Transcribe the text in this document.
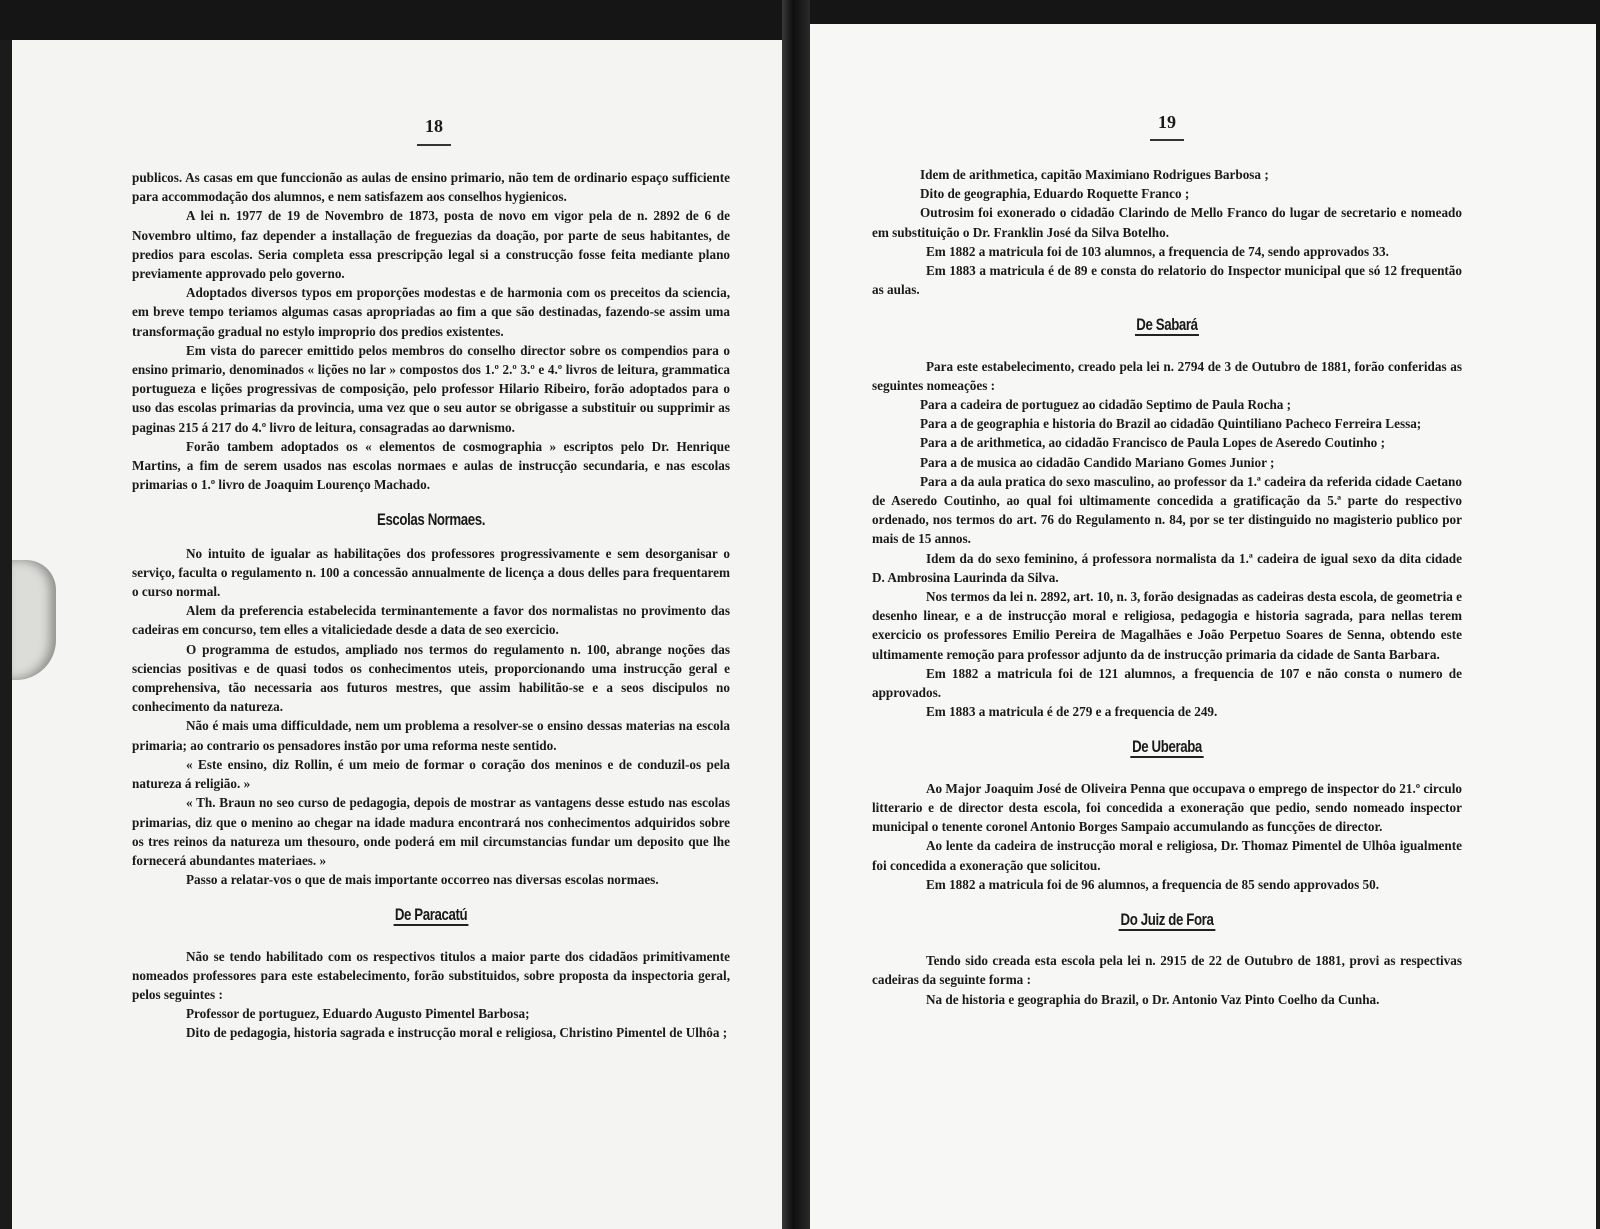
18

publicos. As casas em que funccionão as aulas de ensino primario, não tem de ordinario espaço sufficiente para accommodação dos alumnos, e nem satisfazem aos conselhos hygienicos.

A lei n. 1977 de 19 de Novembro de 1873, posta de novo em vigor pela de n. 2892 de 6 de Novembro ultimo, faz depender a installação de freguezias da doação, por parte de seus habitantes, de predios para escolas. Seria completa essa prescripção legal si a construcção fosse feita mediante plano previamente approvado pelo governo.

Adoptados diversos typos em proporções modestas e de harmonia com os preceitos da sciencia, em breve tempo teriamos algumas casas apropriadas ao fim a que são destinadas, fazendo-se assim uma transformação gradual no estylo improprio dos predios existentes.

Em vista do parecer emittido pelos membros do conselho director sobre os compendios para o ensino primario, denominados « lições no lar » compostos dos 1.º 2.º 3.º e 4.º livros de leitura, grammatica portugueza e lições progressivas de composição, pelo professor Hilario Ribeiro, forão adoptados para o uso das escolas primarias da provincia, uma vez que o seu autor se obrigasse a substituir ou supprimir as paginas 215 á 217 do 4.º livro de leitura, consagradas ao darwnismo.

Forão tambem adoptados os « elementos de cosmographia » escriptos pelo Dr. Henrique Martins, a fim de serem usados nas escolas normaes e aulas de instrucção secundaria, e nas escolas primarias o 1.º livro de Joaquim Lourenço Machado.

Escolas Normaes.

No intuito de igualar as habilitações dos professores progressivamente e sem desorganisar o serviço, faculta o regulamento n. 100 a concessão annualmente de licença a dous delles para frequentarem o curso normal.

Alem da preferencia estabelecida terminantemente a favor dos normalistas no provimento das cadeiras em concurso, tem elles a vitaliciedade desde a data de seo exercicio.

O programma de estudos, ampliado nos termos do regulamento n. 100, abrange noções das sciencias positivas e de quasi todos os conhecimentos uteis, proporcionando uma instrucção geral e comprehensiva, tão necessaria aos futuros mestres, que assim habilitão-se e a seos discipulos no conhecimento da natureza.

Não é mais uma difficuldade, nem um problema a resolver-se o ensino dessas materias na escola primaria; ao contrario os pensadores instão por uma reforma neste sentido.

« Este ensino, diz Rollin, é um meio de formar o coração dos meninos e de conduzil-os pela natureza á religião. »

« Th. Braun no seo curso de pedagogia, depois de mostrar as vantagens desse estudo nas escolas primarias, diz que o menino ao chegar na idade madura encontrará nos conhecimentos adquiridos sobre os tres reinos da natureza um thesouro, onde poderá em mil circumstancias fundar um deposito que lhe fornecerá abundantes materiaes. »

Passo a relatar-vos o que de mais importante occorreo nas diversas escolas normaes.

De Paracatú

Não se tendo habilitado com os respectivos titulos a maior parte dos cidadãos primitivamente nomeados professores para este estabelecimento, forão substituidos, sobre proposta da inspectoria geral, pelos seguintes :

Professor de portuguez, Eduardo Augusto Pimentel Barbosa;

Dito de pedagogia, historia sagrada e instrucção moral e religiosa, Christino Pimentel de Ulhôa ;

19

Idem de arithmetica, capitão Maximiano Rodrigues Barbosa ;

Dito de geographia, Eduardo Roquette Franco ;

Outrosim foi exonerado o cidadão Clarindo de Mello Franco do lugar de secretario e nomeado em substituição o Dr. Franklin José da Silva Botelho.

Em 1882 a matricula foi de 103 alumnos, a frequencia de 74, sendo approvados 33.

Em 1883 a matricula é de 89 e consta do relatorio do Inspector municipal que só 12 frequentão as aulas.

De Sabará

Para este estabelecimento, creado pela lei n. 2794 de 3 de Outubro de 1881, forão conferidas as seguintes nomeações :

Para a cadeira de portuguez ao cidadão Septimo de Paula Rocha ;

Para a de geographia e historia do Brazil ao cidadão Quintiliano Pacheco Ferreira Lessa;

Para a de arithmetica, ao cidadão Francisco de Paula Lopes de Aseredo Coutinho ;

Para a de musica ao cidadão Candido Mariano Gomes Junior ;

Para a da aula pratica do sexo masculino, ao professor da 1.ª cadeira da referida cidade Caetano de Aseredo Coutinho, ao qual foi ultimamente concedida a gratificação da 5.ª parte do respectivo ordenado, nos termos do art. 76 do Regulamento n. 84, por se ter distinguido no magisterio publico por mais de 15 annos.

Idem da do sexo feminino, á professora normalista da 1.ª cadeira de igual sexo da dita cidade D. Ambrosina Laurinda da Silva.

Nos termos da lei n. 2892, art. 10, n. 3, forão designadas as cadeiras desta escola, de geometria e desenho linear, e a de instrucção moral e religiosa, pedagogia e historia sagrada, para nellas terem exercicio os professores Emilio Pereira de Magalhães e João Perpetuo Soares de Senna, obtendo este ultimamente remoção para professor adjunto da de instrucção primaria da cidade de Santa Barbara.

Em 1882 a matricula foi de 121 alumnos, a frequencia de 107 e não consta o numero de approvados.

Em 1883 a matricula é de 279 e a frequencia de 249.

De Uberaba

Ao Major Joaquim José de Oliveira Penna que occupava o emprego de inspector do 21.º circulo litterario e de director desta escola, foi concedida a exoneração que pedio, sendo nomeado inspector municipal o tenente coronel Antonio Borges Sampaio accumulando as funcções de director.

Ao lente da cadeira de instrucção moral e religiosa, Dr. Thomaz Pimentel de Ulhôa igualmente foi concedida a exoneração que solicitou.

Em 1882 a matricula foi de 96 alumnos, a frequencia de 85 sendo approvados 50.

Do Juiz de Fora

Tendo sido creada esta escola pela lei n. 2915 de 22 de Outubro de 1881, provi as respectivas cadeiras da seguinte forma :

Na de historia e geographia do Brazil, o Dr. Antonio Vaz Pinto Coelho da Cunha.
